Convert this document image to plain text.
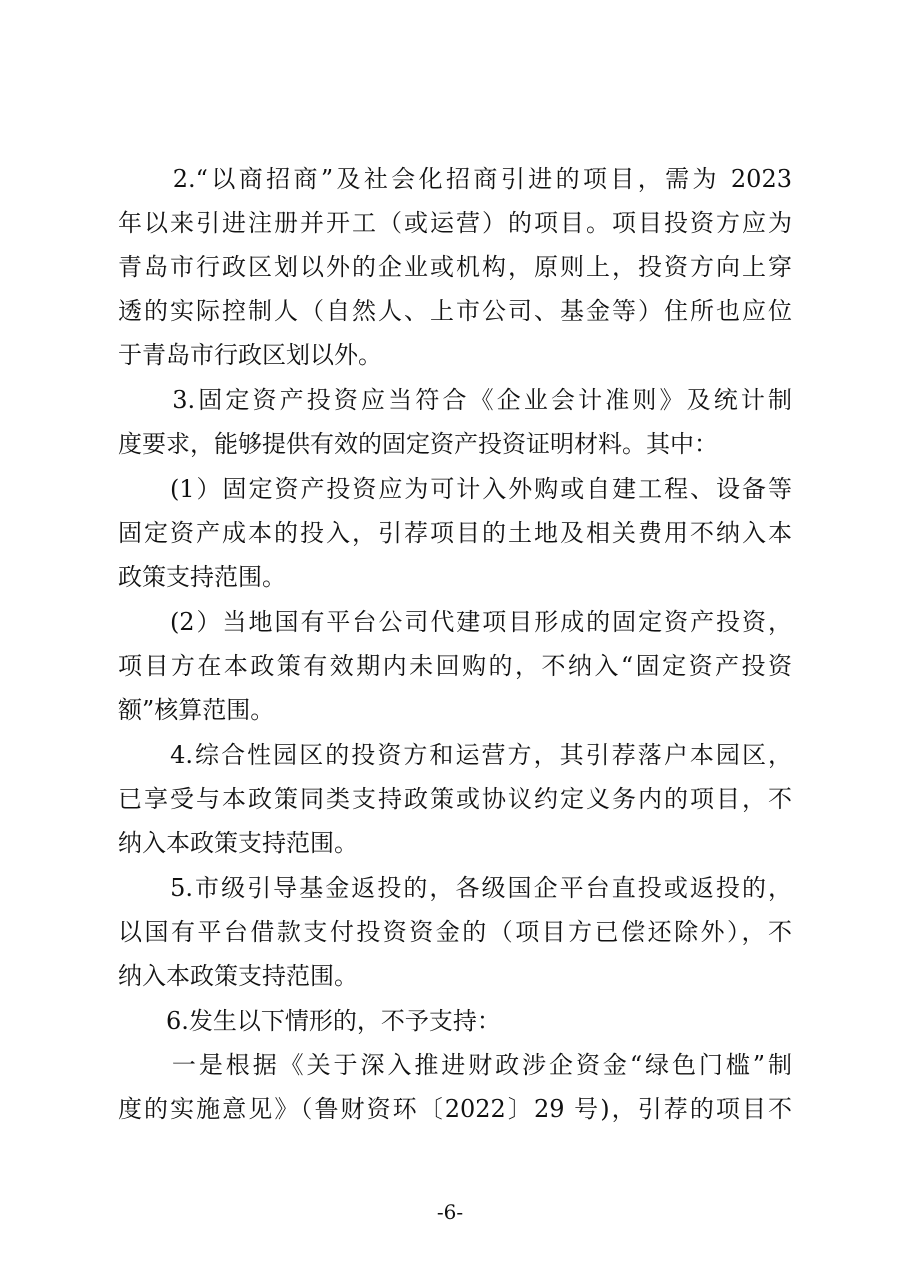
　　2.“以商招商”及社会化招商引进的项目，需为 2023
年以来引进注册并开工（或运营）的项目。项目投资方应为
青岛市行政区划以外的企业或机构，原则上，投资方向上穿
透的实际控制人（自然人、上市公司、基金等）住所也应位
于青岛市行政区划以外。
　　3.固定资产投资应当符合《企业会计准则》及统计制
度要求，能够提供有效的固定资产投资证明材料。其中：
　　(1）固定资产投资应为可计入外购或自建工程、设备等
固定资产成本的投入，引荐项目的土地及相关费用不纳入本
政策支持范围。
　　(2）当地国有平台公司代建项目形成的固定资产投资，
项目方在本政策有效期内未回购的，不纳入“固定资产投资
额”核算范围。
　　4.综合性园区的投资方和运营方，其引荐落户本园区，
已享受与本政策同类支持政策或协议约定义务内的项目，不
纳入本政策支持范围。
　　5.市级引导基金返投的，各级国企平台直投或返投的，
以国有平台借款支付投资资金的（项目方已偿还除外），不
纳入本政策支持范围。
　　6.发生以下情形的，不予支持：
　　一是根据《关于深入推进财政涉企资金“绿色门槛”制
度的实施意见》（鲁财资环〔2022〕29 号)，引荐的项目不
-6-
